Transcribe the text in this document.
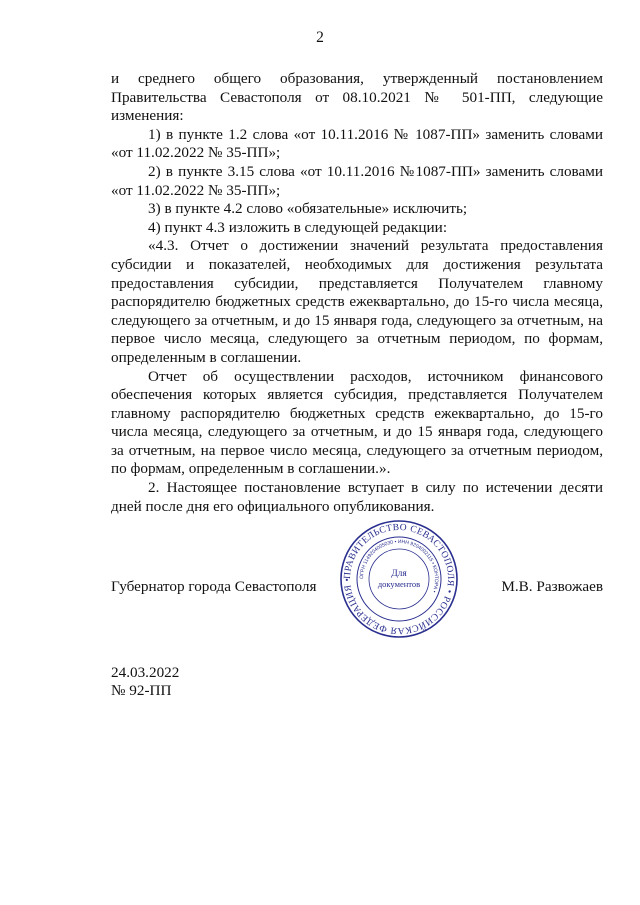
2

и среднего общего образования, утвержденный постановлением Правительства Севастополя от 08.10.2021 № 501-ПП, следующие изменения:

1) в пункте 1.2 слова «от 10.11.2016 № 1087-ПП» заменить словами «от 11.02.2022 № 35-ПП»;

2) в пункте 3.15 слова «от 10.11.2016 №1087-ПП» заменить словами «от 11.02.2022 № 35-ПП»;

3) в пункте 4.2 слово «обязательные» исключить;

4) пункт 4.3 изложить в следующей редакции:

«4.3. Отчет о достижении значений результата предоставления субсидии и показателей, необходимых для достижения результата предоставления субсидии, представляется Получателем главному распорядителю бюджетных средств ежеквартально, до 15-го числа месяца, следующего за отчетным, и до 15 января года, следующего за отчетным, на первое число месяца, следующего за отчетным периодом, по формам, определенным в соглашении.

Отчет об осуществлении расходов, источником финансового обеспечения которых является субсидия, представляется Получателем главному распорядителю бюджетных средств ежеквартально, до 15-го числа месяца, следующего за отчетным, и до 15 января года, следующего за отчетным, на первое число месяца, следующего за отчетным периодом, по формам, определенным в соглашении.».

2. Настоящее постановление вступает в силу по истечении десяти дней после дня его официального опубликования.

Губернатор города Севастополя	М.В. Развожаев
ПРАВИТЕЛЬСТВО СЕВАСТОПОЛЯ • РОССИЙСКАЯ ФЕДЕРАЦИЯ •
ОГРН 1149204005030 • ИНН 9204002115 • КОНТОРА •
Для
документов
24.03.2022
№ 92-ПП
